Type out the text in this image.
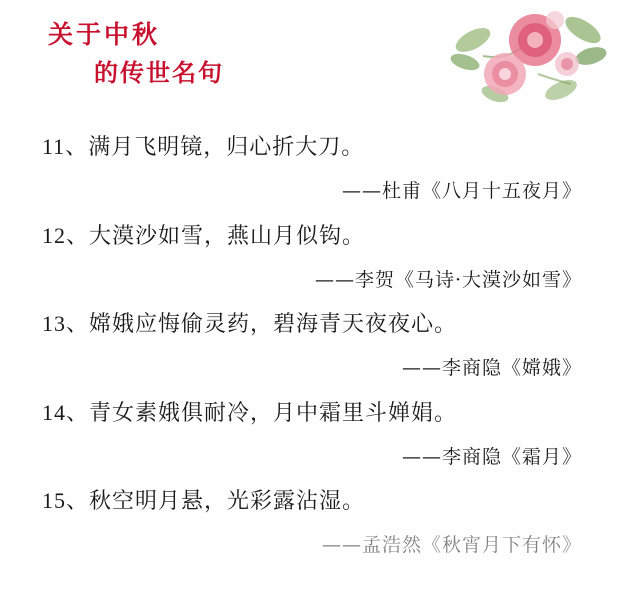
关于中秋
的传世名句
11、满月飞明镜，归心折大刀。
——杜甫《八月十五夜月》
12、大漠沙如雪，燕山月似钩。
——李贺《马诗·大漠沙如雪》
13、嫦娥应悔偷灵药，碧海青天夜夜心。
——李商隐《嫦娥》
14、青女素娥俱耐冷，月中霜里斗婵娟。
——李商隐《霜月》
15、秋空明月悬，光彩露沾湿。
——孟浩然《秋宵月下有怀》
